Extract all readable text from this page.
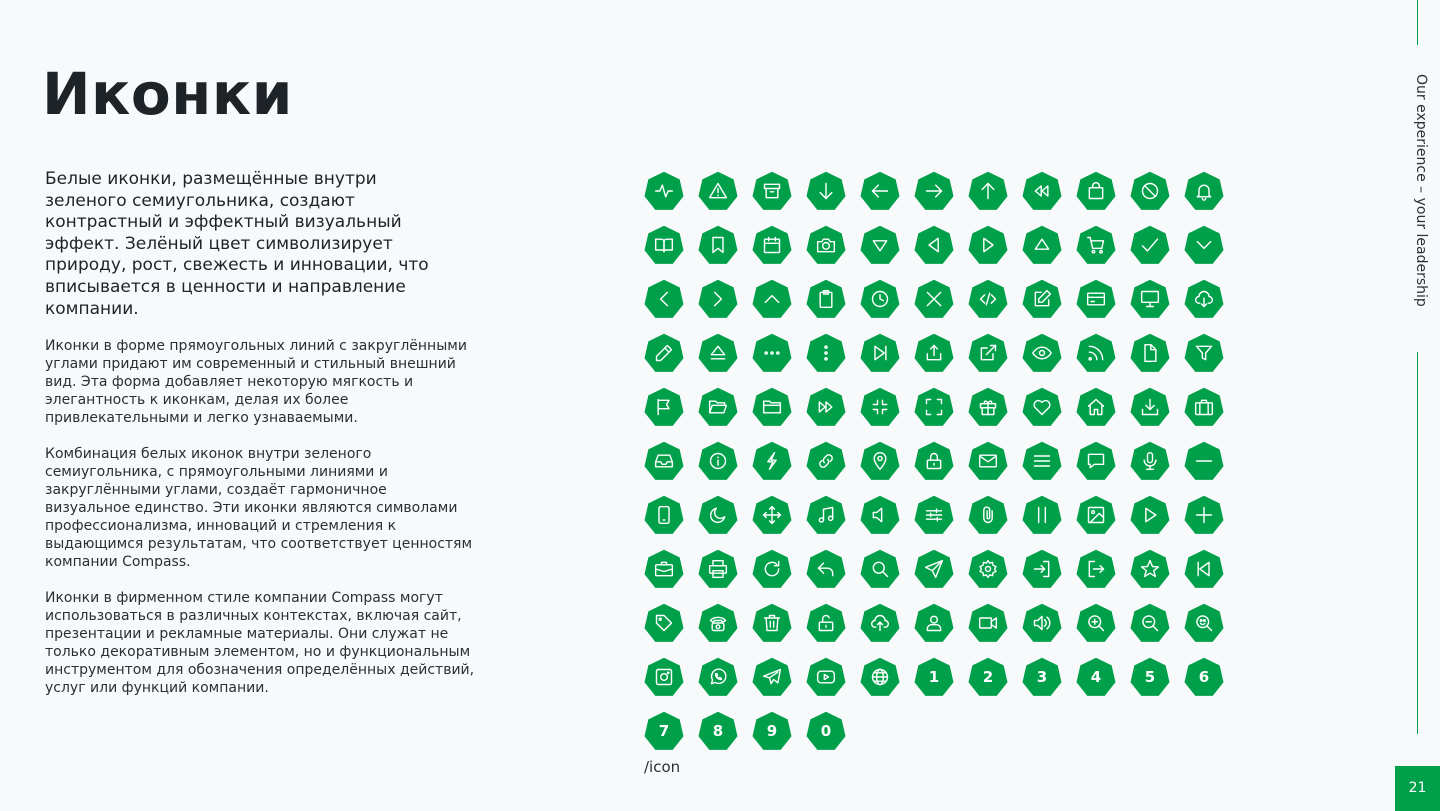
Иконки

Белые иконки, размещённые внутри зеленого семиугольника, создают контрастный и эффектный визуальный эффект. Зелёный цвет символизирует природу, рост, свежесть и инновации, что вписывается в ценности и направление компании.

Иконки в форме прямоугольных линий с закруглёнными углами придают им современный и стильный внешний вид. Эта форма добавляет некоторую мягкость и элегантность к иконкам, делая их более привлекательными и легко узнаваемыми.

Комбинация белых иконок внутри зеленого семиугольника, с прямоугольными линиями и закруглёнными углами, создаёт гармоничное визуальное единство. Эти иконки являются символами профессионализма, инноваций и стремления к выдающимся результатам, что соответствует ценностям компании Compass.

Иконки в фирменном стиле компании Compass могут использоваться в различных контекстах, включая сайт, презентации и рекламные материалы. Они служат не только декоративным элементом, но и функциональным инструментом для обозначения определённых действий, услуг или функций компании.

1	2	3	4	5	6
7	8	9	0

/icon

Our experience – your leadership
21
